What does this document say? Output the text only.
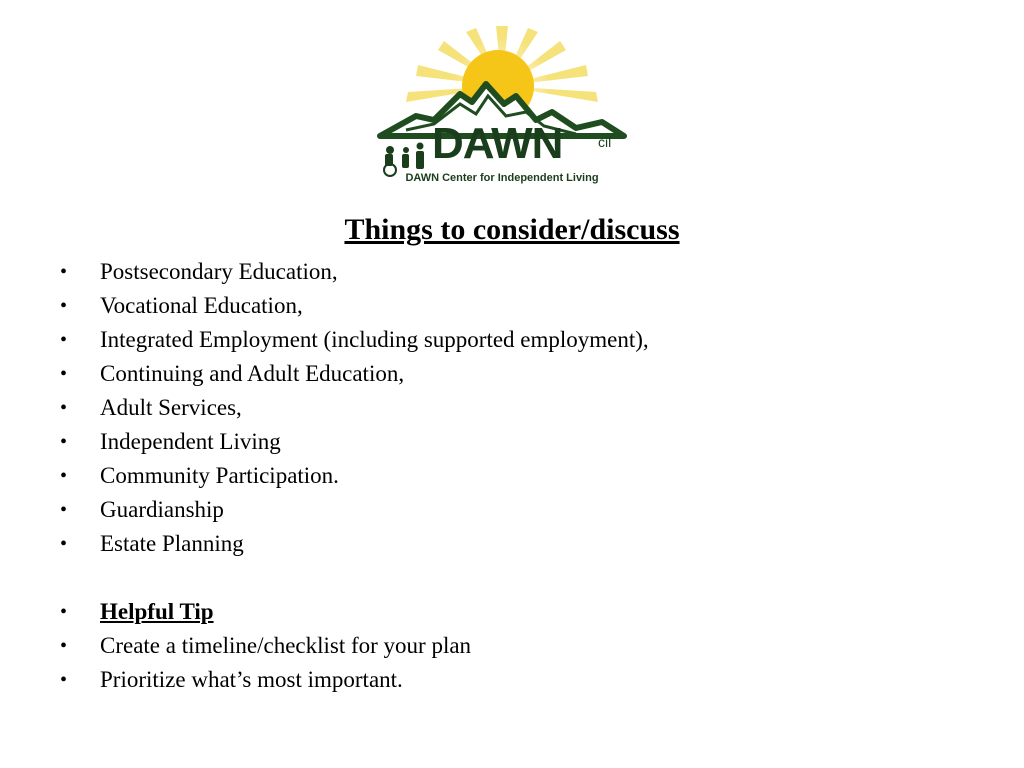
DAWN	cil
DAWN Center for Independent Living
Things to consider/discuss
•	Postsecondary Education,
•	Vocational Education,
•	Integrated Employment (including supported employment),
•	Continuing and Adult Education,
•	Adult Services,
•	Independent Living
•	Community Participation.
•	Guardianship
•	Estate Planning
•	Helpful Tip
•	Create a timeline/checklist for your plan
•	Prioritize what’s most important.
